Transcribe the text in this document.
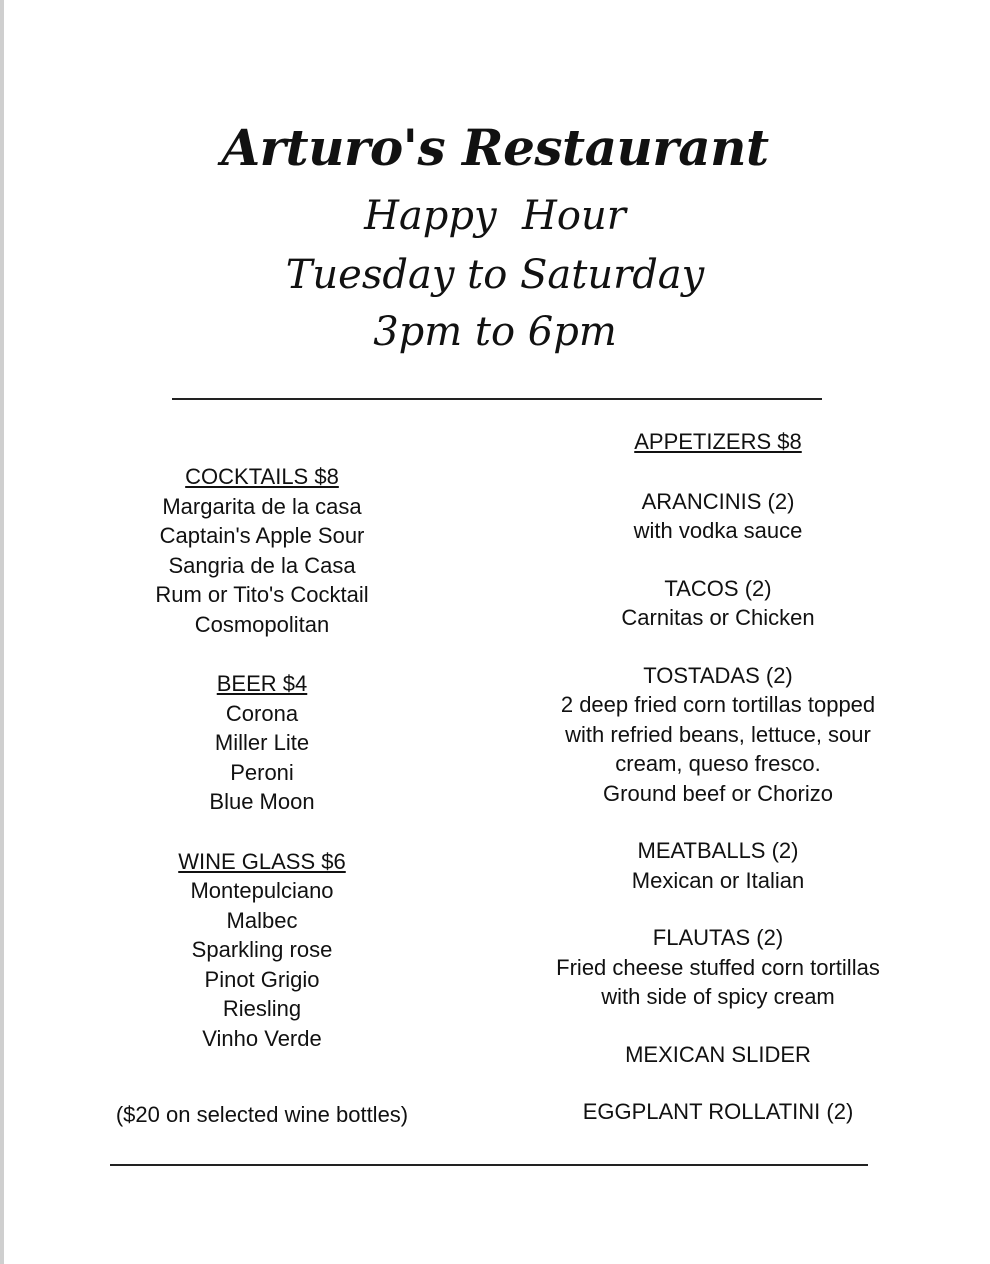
Arturo's Restaurant
Happy  Hour
Tuesday to Saturday
3pm to 6pm
COCKTAILS $8
Margarita de la casa
Captain's Apple Sour
Sangria de la Casa
Rum or Tito's Cocktail
Cosmopolitan
BEER $4
Corona
Miller Lite
Peroni
Blue Moon
WINE GLASS $6
Montepulciano
Malbec
Sparkling rose
Pinot Grigio
Riesling
Vinho Verde
($20 on selected wine bottles)
APPETIZERS $8
ARANCINIS (2)
with vodka sauce
TACOS (2)
Carnitas or Chicken
TOSTADAS (2)
2 deep fried corn tortillas topped
with refried beans, lettuce, sour
cream, queso fresco.
Ground beef or Chorizo
MEATBALLS (2)
Mexican or Italian
FLAUTAS (2)
Fried cheese stuffed corn tortillas
with side of spicy cream
MEXICAN SLIDER
EGGPLANT ROLLATINI (2)
